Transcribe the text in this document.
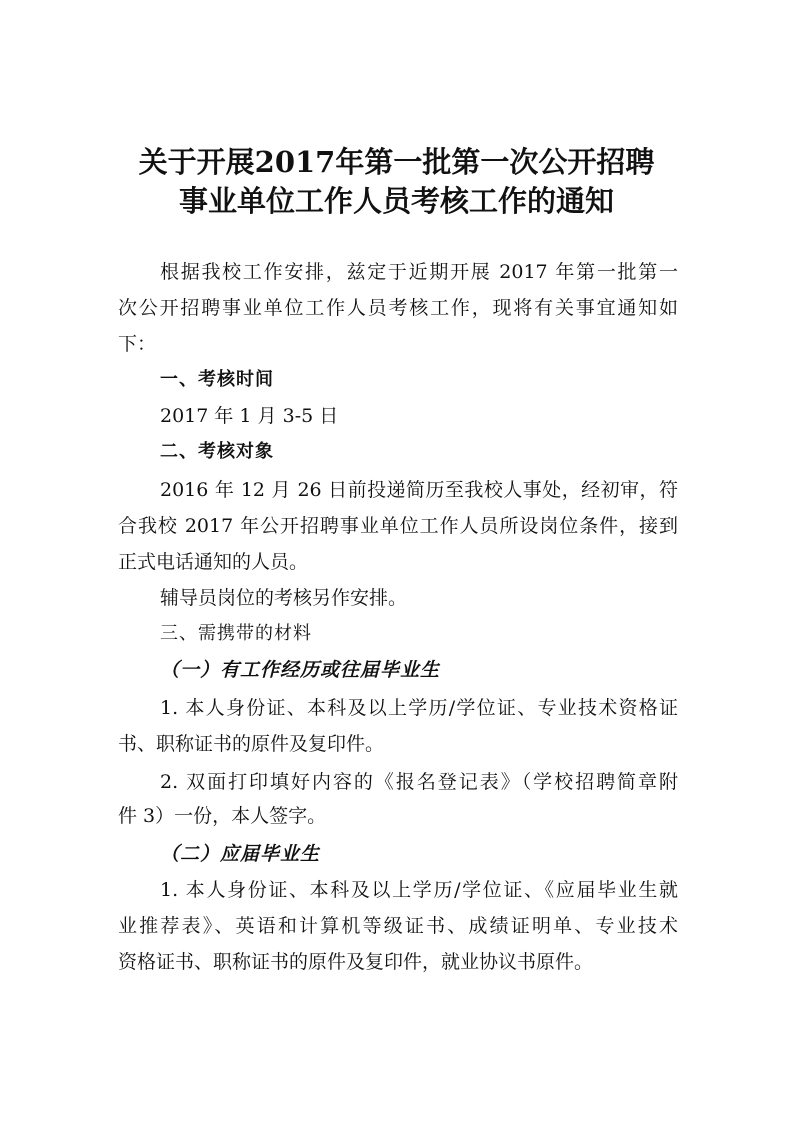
关于开展2017年第一批第一次公开招聘
事业单位工作人员考核工作的通知
根据我校工作安排，兹定于近期开展 2017 年第一批第一
次公开招聘事业单位工作人员考核工作，现将有关事宜通知如
下：
一、考核时间
2017 年 1 月 3-5 日
二、考核对象
2016 年 12 月 26 日前投递简历至我校人事处，经初审，符
合我校 2017 年公开招聘事业单位工作人员所设岗位条件，接到
正式电话通知的人员。
辅导员岗位的考核另作安排。
三、需携带的材料
（一）有工作经历或往届毕业生
1. 本人身份证、本科及以上学历/学位证、专业技术资格证
书、职称证书的原件及复印件。
2. 双面打印填好内容的《报名登记表》（学校招聘简章附
件 3）一份，本人签字。
（二）应届毕业生
1. 本人身份证、本科及以上学历/学位证、《应届毕业生就
业推荐表》、英语和计算机等级证书、成绩证明单、专业技术
资格证书、职称证书的原件及复印件，就业协议书原件。
